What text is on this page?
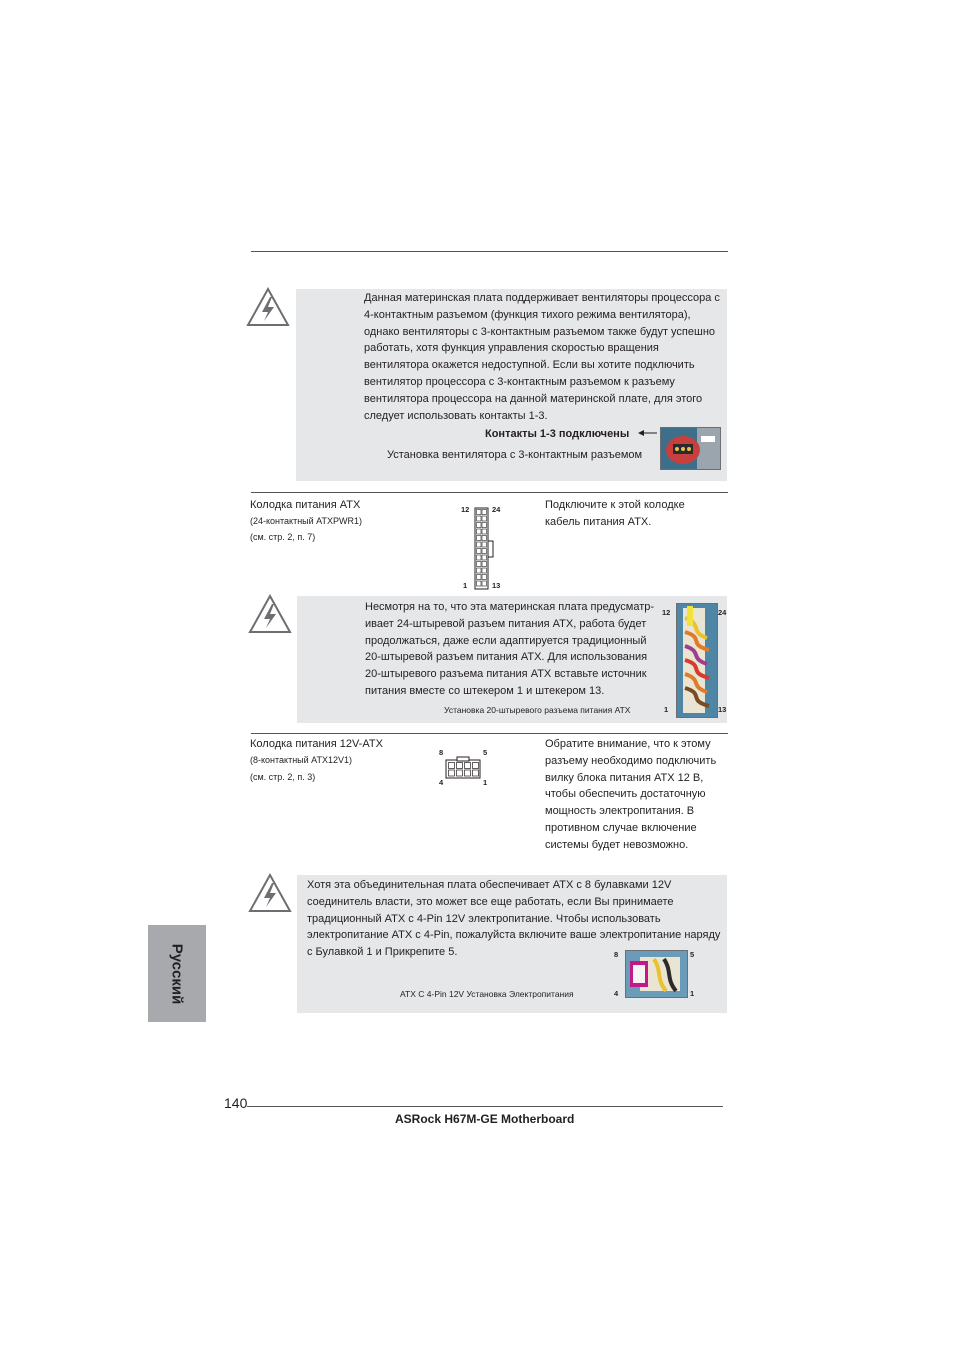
Данная материнская плата поддерживает вентиляторы процессора с 4-контактным разъемом (функция тихого режима вентилятора), однако вентиляторы с 3-контактным разъемом также будут успешно работать, хотя функция управления скоростью вращения вентилятора окажется недоступной. Если вы хотите подключить вентилятор процессора с 3-контактным разъемом к разъему вентилятора процессора на данной материнской плате, для этого следует использовать контакты 1-3.
Контакты 1-3 подключены
Установка вентилятора с 3-контактным разъемом
Колодка питания ATX
(24-контактный ATXPWR1)
(см. стр. 2, п. 7)
12	24
1	13
Подключите к этой колодке кабель питания ATX.
Несмотря на то, что эта материнская плата предусматр- ивает 24-штыревой разъем питания ATX, работа будет продолжаться, даже если адаптируется традиционный 20-штыревой разъем питания ATX. Для использования 20-штыревого разъема питания ATX вставьте источник питания вместе со штекером 1 и штекером 13.
Установка 20-штыревого разъема питания ATX
12	24
1	13
Колодка питания 12V-ATX
(8-контактный ATX12V1)
(см. стр. 2, п. 3)
8	5
4	1
Обратите внимание, что к этому разъему необходимо подключить вилку блока питания ATX 12 В, чтобы обеспечить достаточную мощность электропитания. В противном случае включение системы будет невозможно.
Хотя эта объединительная плата обеспечивает ATX с 8 булавками 12V соединитель власти, это может все еще работать, если Вы принимаете традиционный ATX с 4-Pin 12V электропитание. Чтобы использовать электропитание ATX с 4-Pin, пожалуйста включите ваше электропитание наряду с Булавкой 1 и Прикрепите 5.
ATX С 4-Pin 12V Установка Электропитания
8	5
4	1
Русский
140
ASRock H67M-GE Motherboard
